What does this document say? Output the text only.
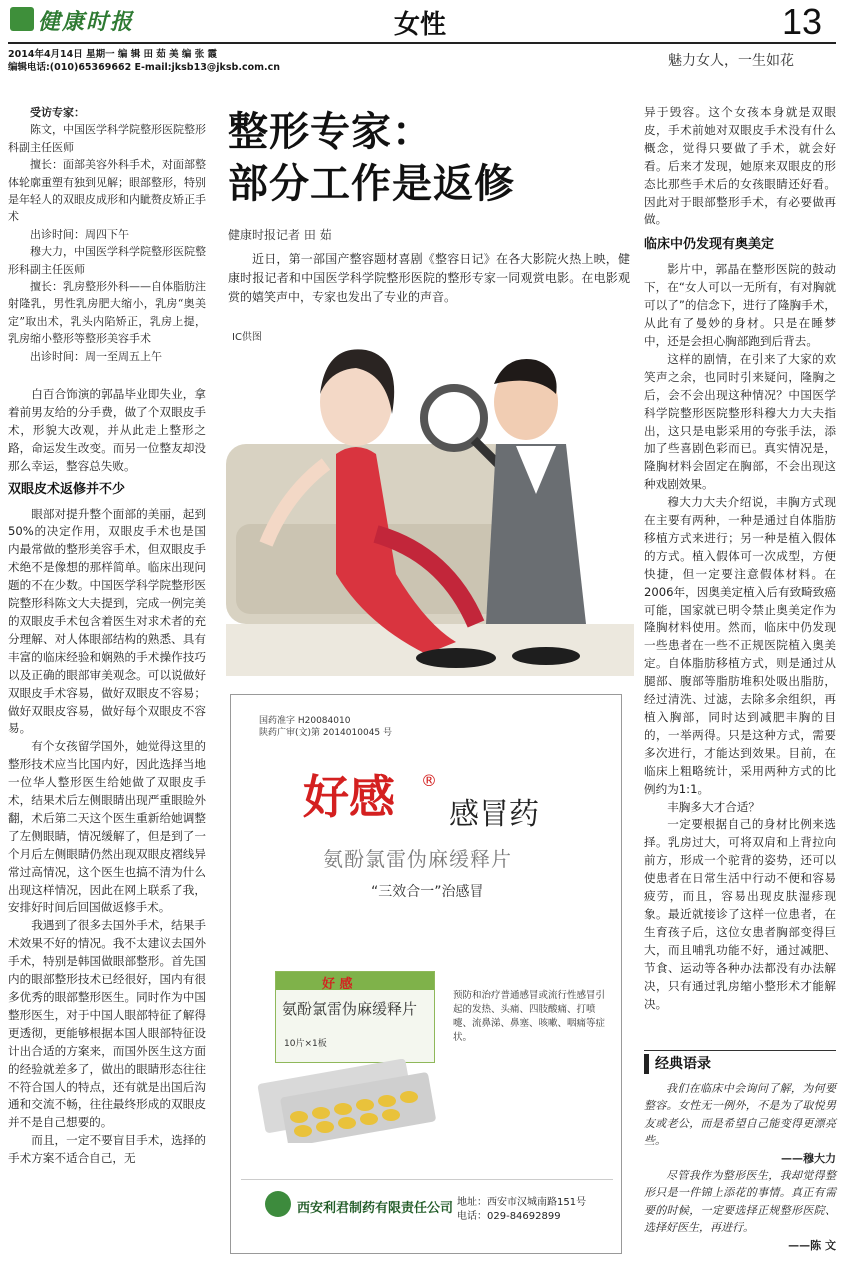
健康时报	女性	13
2014年4月14日 星期一 编 辑 田 茹 美 编 张 霞
编辑电话:(010)65369662 E-mail:jksb13@jksb.com.cn	魅力女人，一生如花
受访专家：
陈文，中国医学科学院整形医院整形科副主任医师
擅长：面部美容外科手术，对面部整体轮廓重塑有独到见解；眼部整形，特别是年轻人的双眼皮成形和内眦赘皮矫正手术
出诊时间：周四下午
穆大力，中国医学科学院整形医院整形科副主任医师
擅长：乳房整形外科——自体脂肪注射隆乳，男性乳房肥大缩小，乳房“奥美定”取出术，乳头内陷矫正，乳房上提，乳房缩小整形等整形美容手术
出诊时间：周一至周五上午

白百合饰演的郭晶毕业即失业，拿着前男友给的分手费，做了个双眼皮手术，形貌大改观，并从此走上整形之路，命运发生改变。而另一位整友却没那么幸运，整容总失败。

双眼皮术返修并不少

眼部对提升整个面部的美丽，起到50%的决定作用，双眼皮手术也是国内最常做的整形美容手术，但双眼皮手术绝不是像想的那样简单。临床出现问题的不在少数。中国医学科学院整形医院整形科陈文大夫提到，完成一例完美的双眼皮手术包含着医生对求术者的充分理解、对人体眼部结构的熟悉、具有丰富的临床经验和娴熟的手术操作技巧以及正确的眼部审美观念。可以说做好双眼皮手术容易，做好双眼皮不容易；做好双眼皮容易，做好每个双眼皮不容易。

有个女孩留学国外，她觉得这里的整形技术应当比国内好，因此选择当地一位华人整形医生给她做了双眼皮手术，结果术后左侧眼睛出现严重眼睑外翻，术后第二天这个医生重新给她调整了左侧眼睛，情况缓解了，但是到了一个月后左侧眼睛仍然出现双眼皮褶线异常过高情况，这个医生也搞不清为什么出现这样情况，因此在网上联系了我，安排好时间后回国做返修手术。

我遇到了很多去国外手术，结果手术效果不好的情况。我不太建议去国外手术，特别是韩国做眼部整形。首先国内的眼部整形技术已经很好，国内有很多优秀的眼部整形医生。同时作为中国整形医生，对于中国人眼部特征了解得更透彻，更能够根据本国人眼部特征设计出合适的方案来，而国外医生这方面的经验就差多了，做出的眼睛形态往往不符合国人的特点，还有就是出国后沟通和交流不畅，往往最终形成的双眼皮并不是自己想要的。

而且，一定不要盲目手术，选择的手术方案不适合自己，无

整形专家：
部分工作是返修
健康时报记者 田 茹

近日，第一部国产整容题材喜剧《整容日记》在各大影院火热上映，健康时报记者和中国医学科学院整形医院的整形专家一同观赏电影。在电影观赏的嬉笑声中，专家也发出了专业的声音。

IC供图
国药准字 H20084010
陕药广审(文)第 2014010045 号
好感 ®
感冒药
氨酚氯雷伪麻缓释片
“三效合一”治感冒
好 感
氨酚氯雷伪麻缓释片
10片×1板

预防和治疗普通感冒或流行性感冒引起的发热、头痛、四肢酸痛、打喷嚏、流鼻涕、鼻塞、咳嗽、咽痛等症状。

西安利君制药有限责任公司 地址：西安市汉城南路151号
电话：029-84692899

异于毁容。这个女孩本身就是双眼皮，手术前她对双眼皮手术没有什么概念，觉得只要做了手术，就会好看。后来才发现，她原来双眼皮的形态比那些手术后的女孩眼睛还好看。因此对于眼部整形手术，有必要做再做。

临床中仍发现有奥美定

影片中，郭晶在整形医院的鼓动下，在“女人可以一无所有，有对胸就可以了”的信念下，进行了隆胸手术，从此有了曼妙的身材。只是在睡梦中，还是会担心胸部跑到后背去。

这样的剧情，在引来了大家的欢笑声之余，也同时引来疑问，隆胸之后，会不会出现这种情况？中国医学科学院整形医院整形科穆大力大夫指出，这只是电影采用的夸张手法，添加了些喜剧色彩而已。真实情况是，隆胸材料会固定在胸部，不会出现这种戏剧效果。

穆大力大夫介绍说，丰胸方式现在主要有两种，一种是通过自体脂肪移植方式来进行；另一种是植入假体的方式。植入假体可一次成型，方便快捷，但一定要注意假体材料。在2006年，因奥美定植入后有致畸致癌可能，国家就已明令禁止奥美定作为隆胸材料使用。然而，临床中仍发现一些患者在一些不正规医院植入奥美定。自体脂肪移植方式，则是通过从腿部、腹部等脂肪堆积处吸出脂肪，经过清洗、过滤，去除多余组织，再植入胸部，同时达到减肥丰胸的目的，一举两得。只是这种方式，需要多次进行，才能达到效果。目前，在临床上粗略统计，采用两种方式的比例约为1:1。

丰胸多大才合适？

一定要根据自己的身材比例来选择。乳房过大，可将双肩和上背拉向前方，形成一个驼背的姿势，还可以使患者在日常生活中行动不便和容易疲劳，而且，容易出现皮肤湿疹现象。最近就接诊了这样一位患者，在生育孩子后，这位女患者胸部变得巨大，而且哺乳功能不好，通过减肥、节食、运动等各种办法都没有办法解决，只有通过乳房缩小整形术才能解决。

经典语录

我们在临床中会询问了解，为何要整容。女性无一例外，不是为了取悦男友或老公，而是希望自己能变得更漂亮些。

——穆大力

尽管我作为整形医生，我却觉得整形只是一件锦上添花的事情。真正有需要的时候，一定要选择正规整形医院、选择好医生，再进行。

——陈 文
